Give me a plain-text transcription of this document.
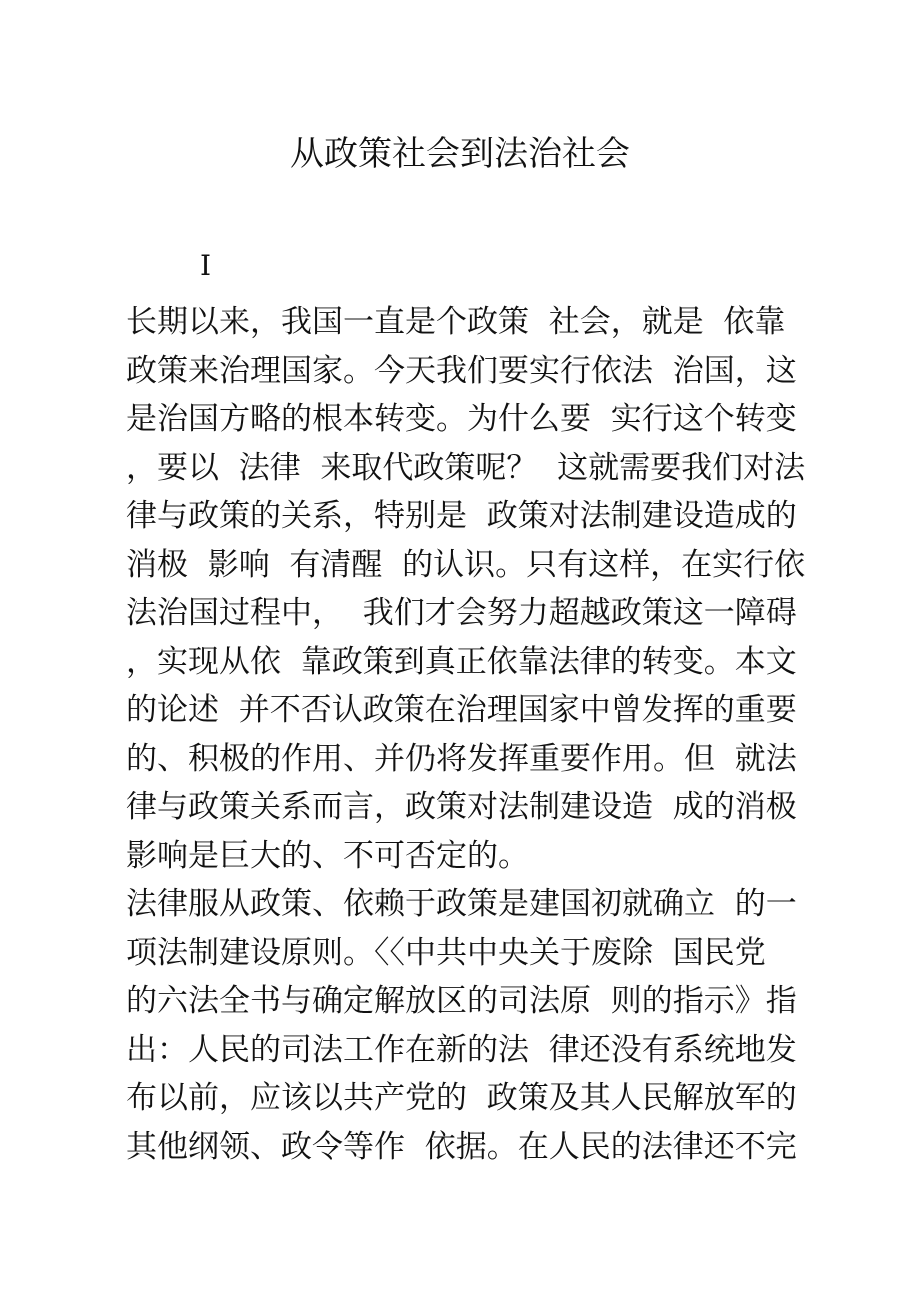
从政策社会到法治社会
I
长期以来，我国一直是个政策  社会，就是  依靠
政策来治理国家。今天我们要实行依法  治国，这
是治国方略的根本转变。为什么要  实行这个转变
，要以  法律  来取代政策呢？  这就需要我们对法
律与政策的关系，特别是  政策对法制建设造成的
消极  影响  有清醒  的认识。只有这样，在实行依
法治国过程中，  我们才会努力超越政策这一障碍
，实现从依  靠政策到真正依靠法律的转变。本文
的论述  并不否认政策在治理国家中曾发挥的重要
的、积极的作用、并仍将发挥重要作用。但  就法
律与政策关系而言，政策对法制建设造  成的消极
影响是巨大的、不可否定的。
法律服从政策、依赖于政策是建国初就确立  的一
项法制建设原则。〈〈中共中央关于废除  国民党
的六法全书与确定解放区的司法原  则的指示》指
出：人民的司法工作在新的法  律还没有系统地发
布以前，应该以共产党的  政策及其人民解放军的
其他纲领、政令等作  依据。在人民的法律还不完
